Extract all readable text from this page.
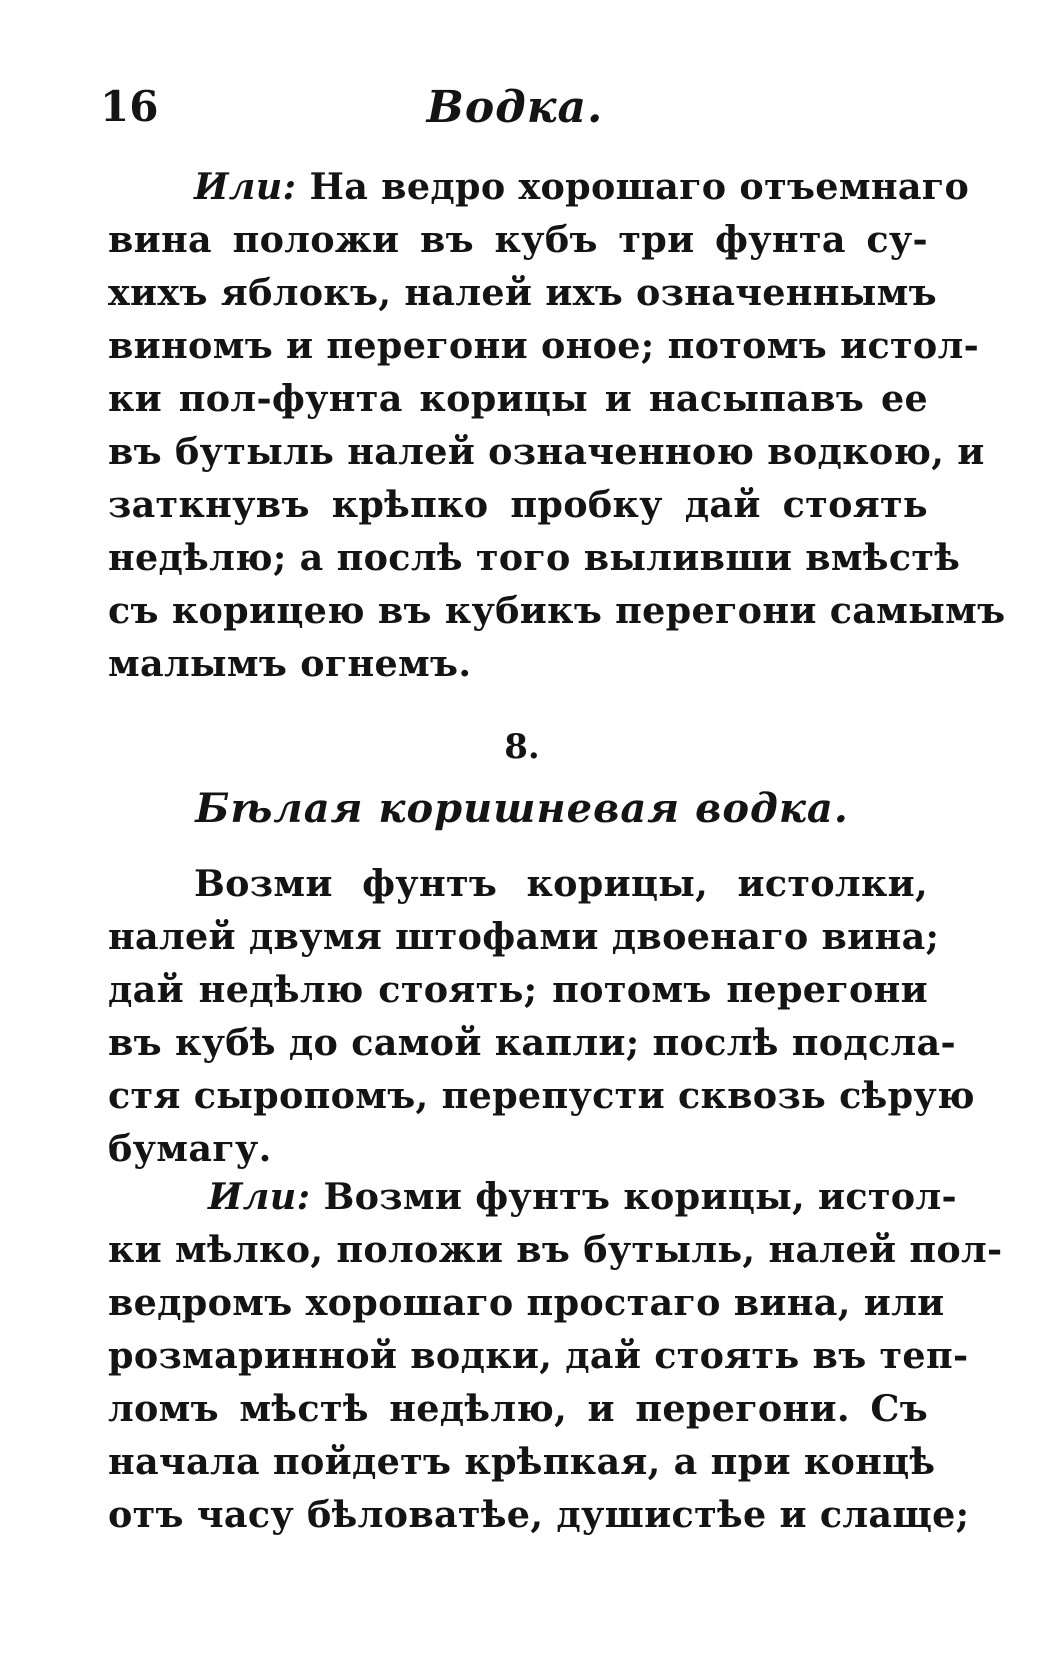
16	Водка.
Или: На ведро хорошаго отъемнаго
вина положи въ кубъ три фунта су-
хихъ яблокъ, налей ихъ означеннымъ
виномъ и перегони оное; потомъ истол-
ки пол-фунта корицы и насыпавъ ее
въ бутыль налей означенною водкою, и
заткнувъ крѣпко пробку дай стоять
недѣлю; а послѣ того выливши вмѣстѣ
съ корицею въ кубикъ перегони самымъ
малымъ огнемъ.
8.
Бѣлая коришневая водка.
Возми фунтъ корицы, истолки,
налей двумя штофами двоенаго вина;
дай недѣлю стоять; потомъ перегони
въ кубѣ до самой капли; послѣ подсла-
стя сыропомъ, перепусти сквозь сѣрую
бумагу.
Или: Возми фунтъ корицы, истол-
ки мѣлко, положи въ бутыль, налей пол-
ведромъ хорошаго простаго вина, или
розмаринной водки, дай стоять въ теп-
ломъ мѣстѣ недѣлю, и перегони. Съ
начала пойдетъ крѣпкая, а при концѣ
отъ часу бѣловатѣе, душистѣе и слаще;
